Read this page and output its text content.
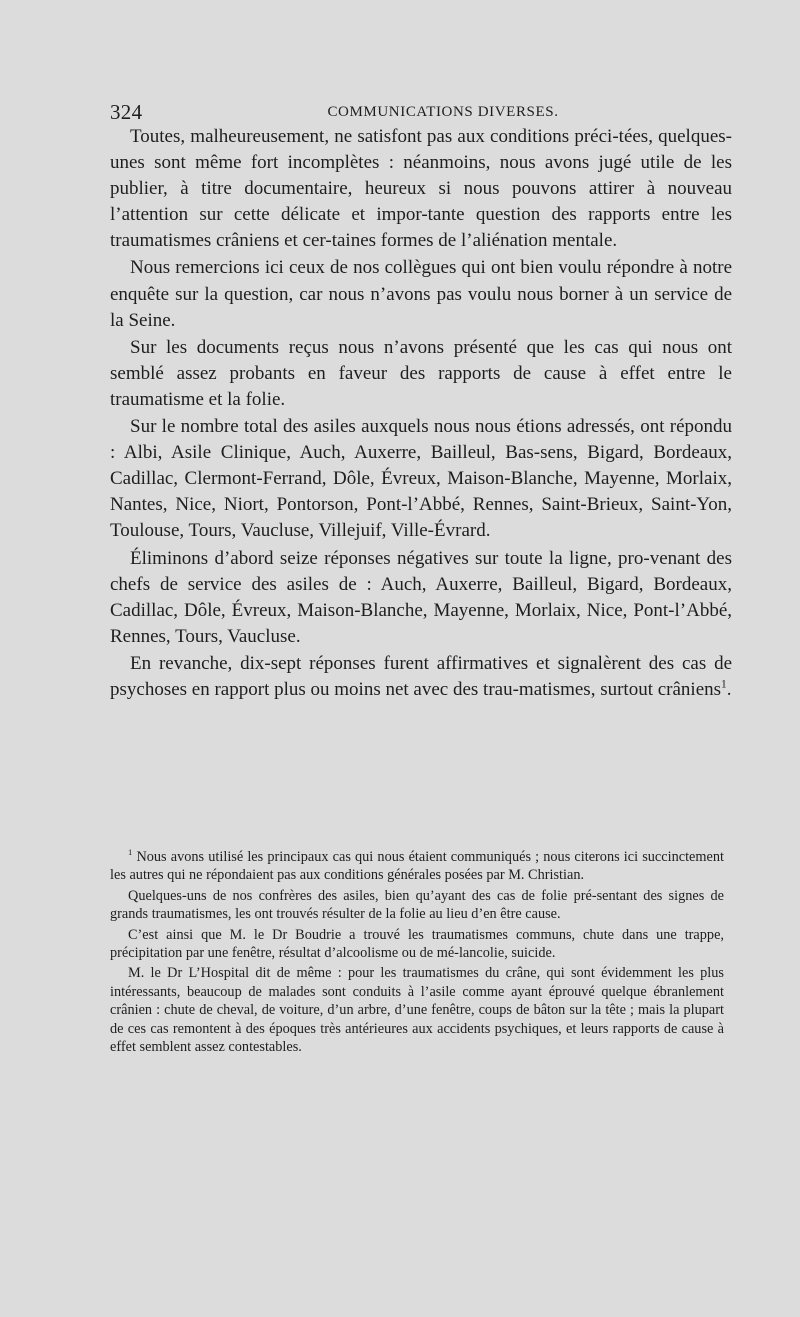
324	COMMUNICATIONS DIVERSES.

Toutes, malheureusement, ne satisfont pas aux conditions préci-tées, quelques-unes sont même fort incomplètes : néanmoins, nous avons jugé utile de les publier, à titre documentaire, heureux si nous pouvons attirer à nouveau l’attention sur cette délicate et impor-tante question des rapports entre les traumatismes crâniens et cer-taines formes de l’aliénation mentale.

Nous remercions ici ceux de nos collègues qui ont bien voulu répondre à notre enquête sur la question, car nous n’avons pas voulu nous borner à un service de la Seine.

Sur les documents reçus nous n’avons présenté que les cas qui nous ont semblé assez probants en faveur des rapports de cause à effet entre le traumatisme et la folie.

Sur le nombre total des asiles auxquels nous nous étions adressés, ont répondu : Albi, Asile Clinique, Auch, Auxerre, Bailleul, Bas-sens, Bigard, Bordeaux, Cadillac, Clermont-Ferrand, Dôle, Évreux, Maison-Blanche, Mayenne, Morlaix, Nantes, Nice, Niort, Pontorson, Pont-l’Abbé, Rennes, Saint-Brieux, Saint-Yon, Toulouse, Tours, Vaucluse, Villejuif, Ville-Évrard.

Éliminons d’abord seize réponses négatives sur toute la ligne, pro-venant des chefs de service des asiles de : Auch, Auxerre, Bailleul, Bigard, Bordeaux, Cadillac, Dôle, Évreux, Maison-Blanche, Mayenne, Morlaix, Nice, Pont-l’Abbé, Rennes, Tours, Vaucluse.

En revanche, dix-sept réponses furent affirmatives et signalèrent des cas de psychoses en rapport plus ou moins net avec des trau-matismes, surtout crâniens$^1$.

$^1$ Nous avons utilisé les principaux cas qui nous étaient communiqués ; nous citerons ici succinctement les autres qui ne répondaient pas aux conditions générales posées par M. Christian.

Quelques-uns de nos confrères des asiles, bien qu’ayant des cas de folie pré-sentant des signes de grands traumatismes, les ont trouvés résulter de la folie au lieu d’en être cause.

C’est ainsi que M. le Dr Boudrie a trouvé les traumatismes communs, chute dans une trappe, précipitation par une fenêtre, résultat d’alcoolisme ou de mé-lancolie, suicide.

M. le Dr L’Hospital dit de même : pour les traumatismes du crâne, qui sont évidemment les plus intéressants, beaucoup de malades sont conduits à l’asile comme ayant éprouvé quelque ébranlement crânien : chute de cheval, de voiture, d’un arbre, d’une fenêtre, coups de bâton sur la tête ; mais la plupart de ces cas remontent à des époques très antérieures aux accidents psychiques, et leurs rapports de cause à effet semblent assez contestables.
